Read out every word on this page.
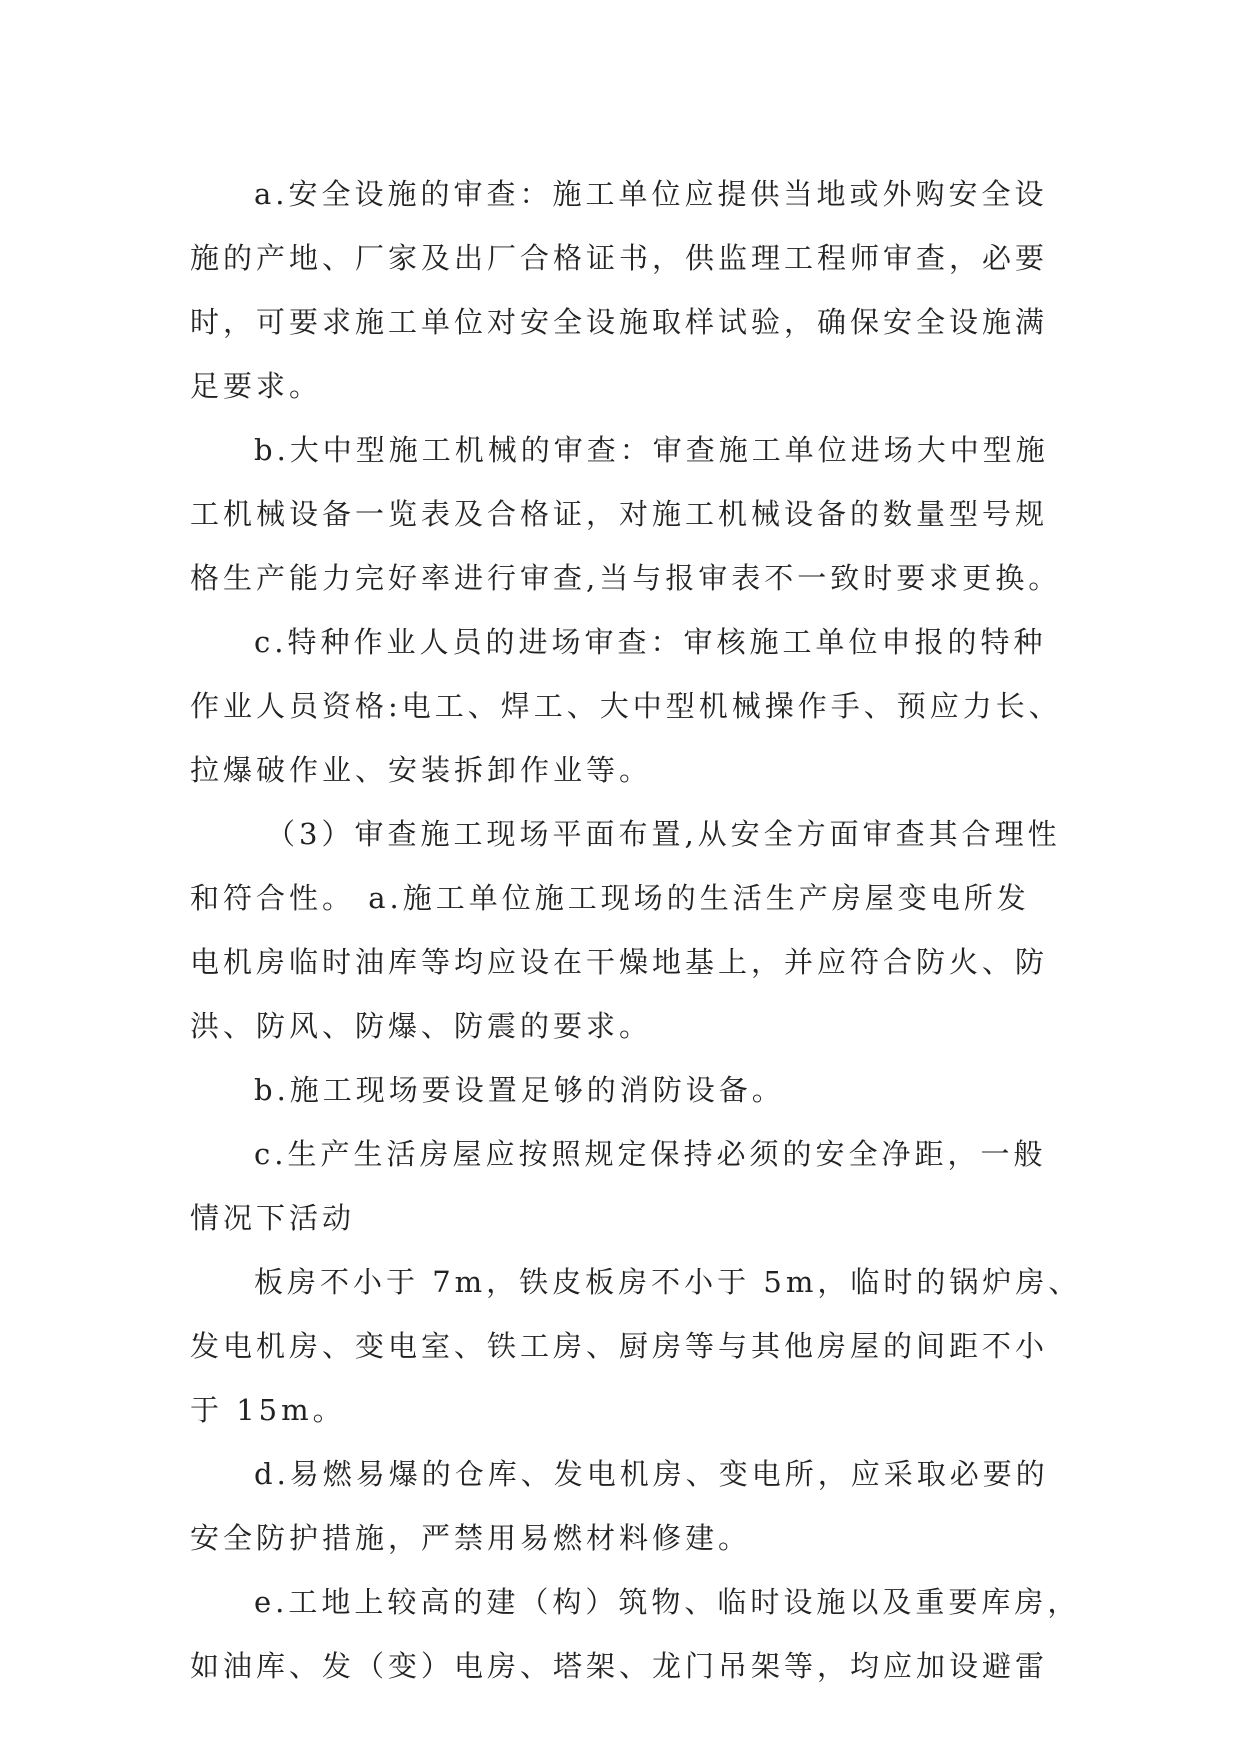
a.安全设施的审查：施工单位应提供当地或外购安全设
施的产地、厂家及出厂合格证书，供监理工程师审查，必要
时，可要求施工单位对安全设施取样试验，确保安全设施满
足要求。
b.大中型施工机械的审查：审查施工单位进场大中型施
工机械设备一览表及合格证，对施工机械设备的数量型号规
格生产能力完好率进行审查,当与报审表不一致时要求更换。
c.特种作业人员的进场审查：审核施工单位申报的特种
作业人员资格:电工、焊工、大中型机械操作手、预应力长、
拉爆破作业、安装拆卸作业等。
（3）审查施工现场平面布置,从安全方面审查其合理性
和符合性。 a.施工单位施工现场的生活生产房屋变电所发
电机房临时油库等均应设在干燥地基上，并应符合防火、防
洪、防风、防爆、防震的要求。
b.施工现场要设置足够的消防设备。
c.生产生活房屋应按照规定保持必须的安全净距，一般
情况下活动
板房不小于 7m，铁皮板房不小于 5m，临时的锅炉房、
发电机房、变电室、铁工房、厨房等与其他房屋的间距不小
于 15m。
d.易燃易爆的仓库、发电机房、变电所，应采取必要的
安全防护措施，严禁用易燃材料修建。
e.工地上较高的建（构）筑物、临时设施以及重要库房，
如油库、发（变）电房、塔架、龙门吊架等，均应加设避雷
